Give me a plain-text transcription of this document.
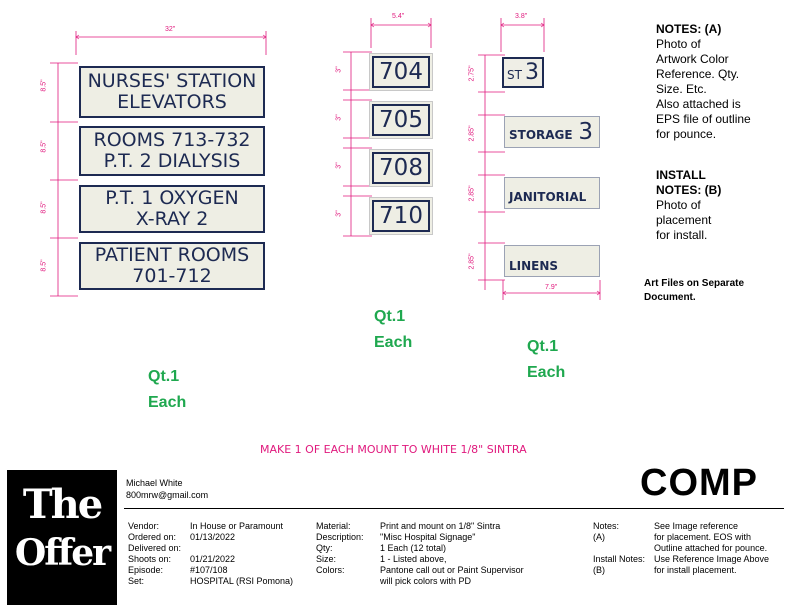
32"
8.5"
8.5"
8.5"
8.5"
5.4"
3"
3"
3"
3"
3.8"
2.75"
2.85"
2.85"
2.85"
7.9"
NURSES' STATION
ELEVATORS
ROOMS 713-732
P.T. 2 DIALYSIS
P.T. 1 OXYGEN
X-RAY 2
PATIENT ROOMS
701-712
704
705
708
710
ST 3
STORAGE 3
JANITORIAL
LINENS
Qt.1
Each
Qt.1
Each	Qt.1
Each
NOTES: (A)
Photo of
Artwork Color
Reference. Qty.
Size. Etc.
Also attached is
EPS file of outline
for pounce.
INSTALL
NOTES: (B)
Photo of
placement
for install.
Art Files on Separate
Document.
MAKE 1 OF EACH MOUNT TO WHITE 1/8" SINTRA
The
Offer
Michael White
800mrw@gmail.com	COMP
Vendor:
Ordered on:
Delivered on:
Shoots on:
Episode:
Set:
In House or Paramount
01/13/2022
01/21/2022
#107/108
HOSPITAL (RSI Pomona)
Material:
Description:
Qty:
Size:
Colors:
Print and mount on 1/8" Sintra
"Misc Hospital Signage"
1 Each (12 total)
1 - Listed above,
Pantone call out or Paint Supervisor
will pick colors with PD
Notes:
(A)
Install Notes:
(B)
See Image reference
for placement. EOS with
Outline attached for pounce.
Use Reference Image Above
for install placement.
